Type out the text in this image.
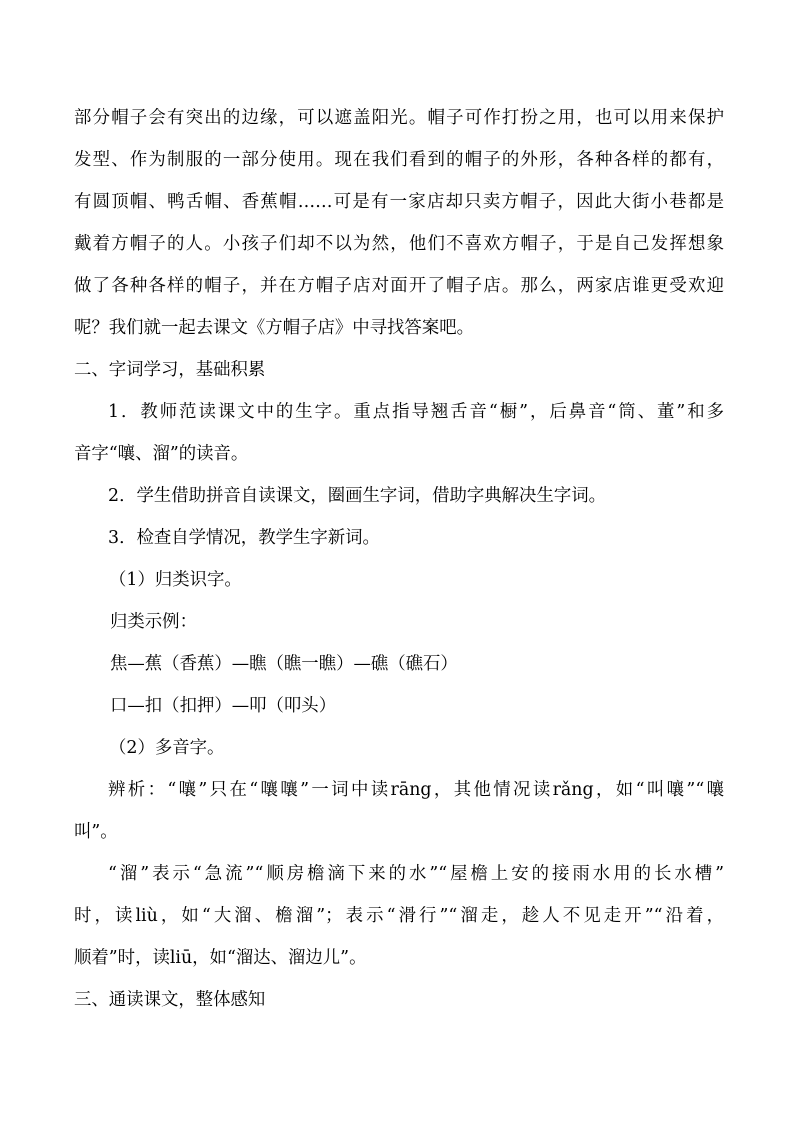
部分帽子会有突出的边缘，可以遮盖阳光。帽子可作打扮之用，也可以用来保护
发型、作为制服的一部分使用。现在我们看到的帽子的外形，各种各样的都有，
有圆顶帽、鸭舌帽、香蕉帽……可是有一家店却只卖方帽子，因此大街小巷都是
戴着方帽子的人。小孩子们却不以为然，他们不喜欢方帽子，于是自己发挥想象
做了各种各样的帽子，并在方帽子店对面开了帽子店。那么，两家店谁更受欢迎
呢？我们就一起去课文《方帽子店》中寻找答案吧。
二、字词学习，基础积累
1．教师范读课文中的生字。重点指导翘舌音“橱”，后鼻音“筒、董”和多
音字“嚷、溜”的读音。
2．学生借助拼音自读课文，圈画生字词，借助字典解决生字词。
3．检查自学情况，教学生字新词。
（1）归类识字。
归类示例：
焦—蕉（香蕉）—瞧（瞧一瞧）—礁（礁石）
口—扣（扣押）—叩（叩头）
（2）多音字。
辨析：“嚷”只在“嚷嚷”一词中读rāng，其他情况读rǎng，如“叫嚷”“嚷
叫”。
“溜”表示“急流”“顺房檐滴下来的水”“屋檐上安的接雨水用的长水槽”
时，读liù，如“大溜、檐溜”；表示“滑行”“溜走，趁人不见走开”“沿着，
顺着”时，读liū，如“溜达、溜边儿”。
三、通读课文，整体感知
